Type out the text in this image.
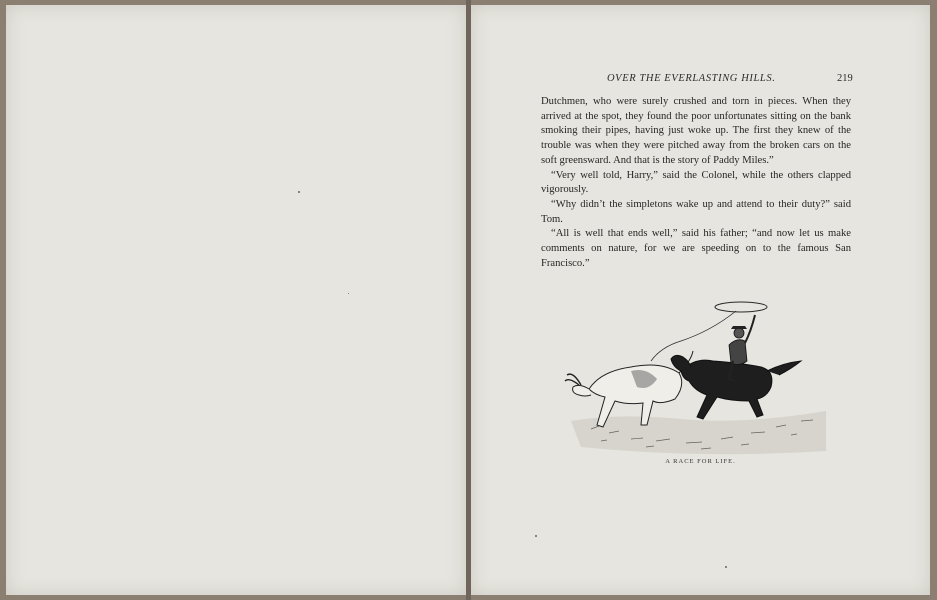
OVER THE EVERLASTING HILLS.	219

Dutchmen, who were surely crushed and torn in pieces. When they arrived at the spot, they found the poor unfortunates sitting on the bank smoking their pipes, having just woke up. The first they knew of the trouble was when they were pitched away from the broken cars on the soft greensward. And that is the story of Paddy Miles.”

“Very well told, Harry,” said the Colonel, while the others clapped vigorously.

“Why didn’t the simpletons wake up and attend to their duty?” said Tom.

“All is well that ends well,” said his father; “and now let us make comments on nature, for we are speeding on to the famous San Francisco.”

A RACE FOR LIFE.
